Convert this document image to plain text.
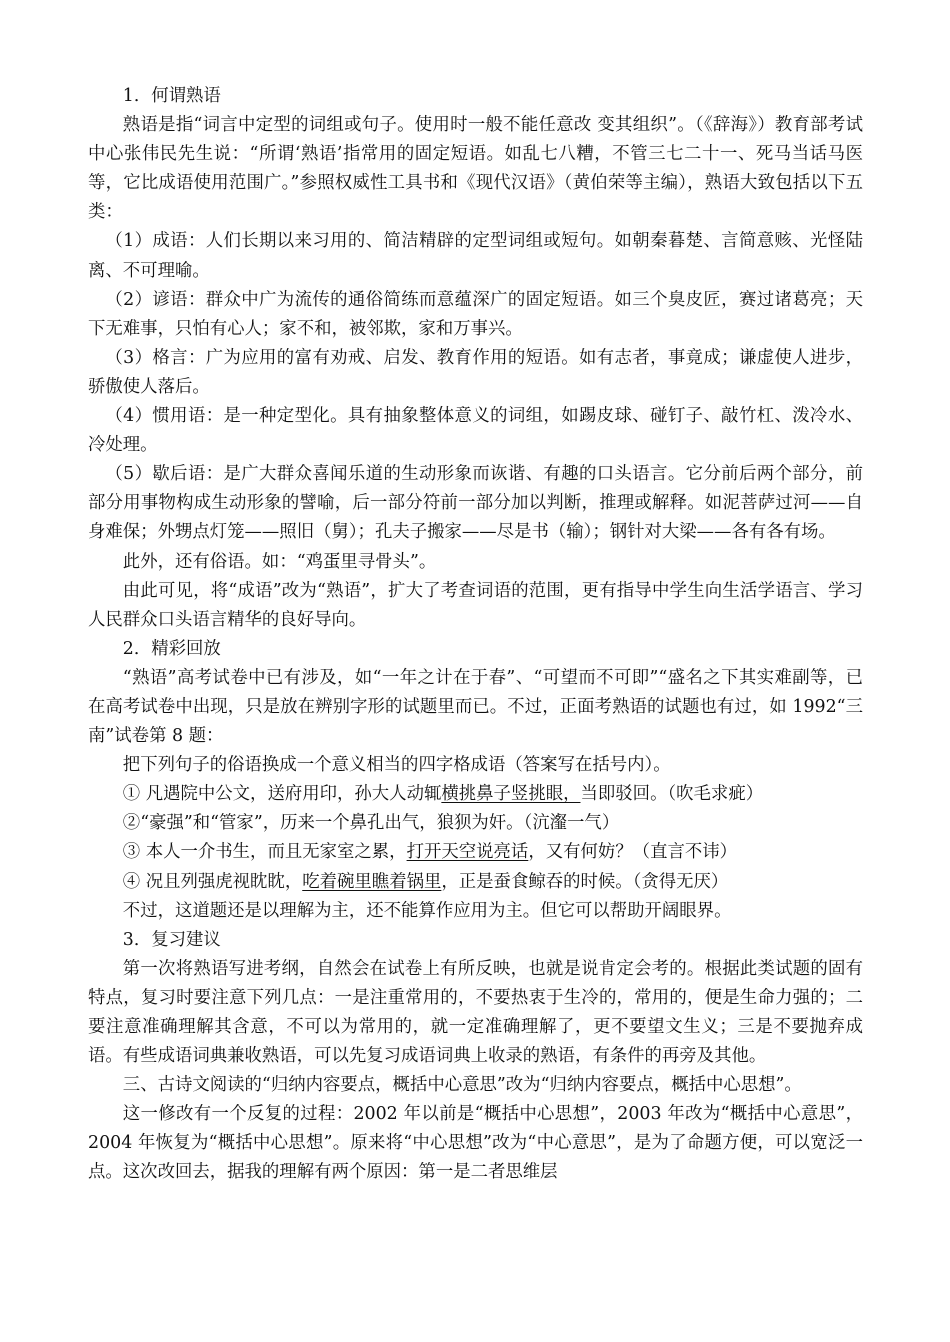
1．何谓熟语

熟语是指“词言中定型的词组或句子。使用时一般不能任意改 变其组织”。（《辞海》）教育部考试中心张伟民先生说：“所谓‘熟语’指常用的固定短语。如乱七八糟，不管三七二十一、死马当话马医等，它比成语使用范围广。”参照权威性工具书和《现代汉语》（黄伯荣等主编），熟语大致包括以下五类：

（1）成语：人们长期以来习用的、简洁精辟的定型词组或短句。如朝秦暮楚、言简意赅、光怪陆离、不可理喻。

（2）谚语：群众中广为流传的通俗简练而意蕴深广的固定短语。如三个臭皮匠，赛过诸葛亮；天下无难事，只怕有心人；家不和，被邻欺，家和万事兴。

（3）格言：广为应用的富有劝戒、启发、教育作用的短语。如有志者，事竟成；谦虚使人进步，骄傲使人落后。

（4）惯用语：是一种定型化。具有抽象整体意义的词组，如踢皮球、碰钉子、敲竹杠、泼冷水、冷处理。

（5）歇后语：是广大群众喜闻乐道的生动形象而诙谐、有趣的口头语言。它分前后两个部分，前部分用事物构成生动形象的譬喻，后一部分符前一部分加以判断，推理或解释。如泥菩萨过河——自身难保；外甥点灯笼——照旧（舅）；孔夫子搬家——尽是书（输）；钢针对大梁——各有各有场。

此外，还有俗语。如：“鸡蛋里寻骨头”。

由此可见，将“成语”改为“熟语”，扩大了考查词语的范围，更有指导中学生向生活学语言、学习人民群众口头语言精华的良好导向。

2．精彩回放

“熟语”高考试卷中已有涉及，如“一年之计在于春”、“可望而不可即”“盛名之下其实难副等，已在高考试卷中出现，只是放在辨别字形的试题里而已。不过，正面考熟语的试题也有过，如 1992“三南”试卷第 8 题：

把下列句子的俗语换成一个意义相当的四字格成语（答案写在括号内）。

① 凡遇院中公文，送府用印，孙大人动辄横挑鼻子竖挑眼，当即驳回。（吹毛求疵）

②“豪强”和“管家”，历来一个鼻孔出气，狼狈为奸。（沆瀣一气）

③ 本人一介书生，而且无家室之累，打开天空说亮话，又有何妨？（直言不讳）

④ 况且列强虎视眈眈，吃着碗里瞧着锅里，正是蚕食鲸吞的时候。（贪得无厌）

不过，这道题还是以理解为主，还不能算作应用为主。但它可以帮助开阔眼界。

3．复习建议

第一次将熟语写进考纲，自然会在试卷上有所反映，也就是说肯定会考的。根据此类试题的固有特点，复习时要注意下列几点：一是注重常用的，不要热衷于生冷的，常用的，便是生命力强的；二要注意准确理解其含意，不可以为常用的，就一定准确理解了，更不要望文生义；三是不要抛弃成语。有些成语词典兼收熟语，可以先复习成语词典上收录的熟语，有条件的再旁及其他。

三、古诗文阅读的“归纳内容要点，概括中心意思”改为“归纳内容要点，概括中心思想”。

这一修改有一个反复的过程：2002 年以前是“概括中心思想”，2003 年改为“概括中心意思”，2004 年恢复为“概括中心思想”。原来将“中心思想”改为“中心意思”，是为了命题方便，可以宽泛一点。这次改回去，据我的理解有两个原因：第一是二者思维层
